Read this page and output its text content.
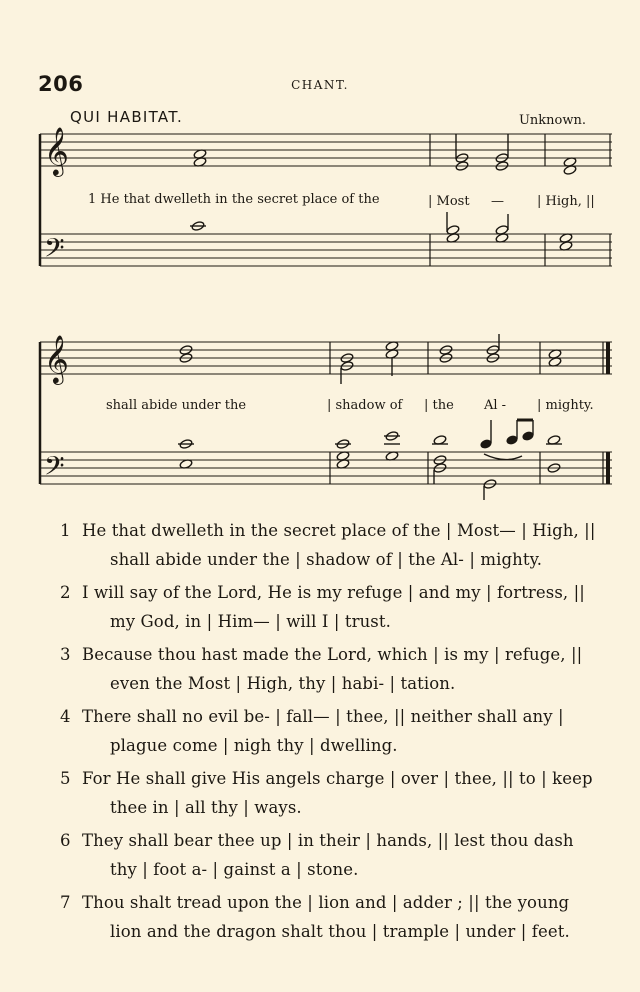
206	CHANT.
QUI HABITAT.	Unknown.
𝄞
𝄢
𝄞
𝄢
1 He that dwelleth in the secret place of the	| Most —	| High, ||
shall abide under the	| shadow of | the Al - | mighty.
1 He that dwelleth in the secret place of the | Most— | High, ||
shall abide under the | shadow of | the Al- | mighty.
2 I will say of the Lord, He is my refuge | and my | fortress, ||
my God, in | Him— | will I | trust.
3 Because thou hast made the Lord, which | is my | refuge, ||
even the Most | High, thy | habi- | tation.
4 There shall no evil be- | fall— | thee, || neither shall any |
plague come | nigh thy | dwelling.
5 For He shall give His angels charge | over | thee, || to | keep
thee in | all thy | ways.
6 They shall bear thee up | in their | hands, || lest thou dash
thy | foot a- | gainst a | stone.
7 Thou shalt tread upon the | lion and | adder ; || the young
lion and the dragon shalt thou | trample | under | feet.
